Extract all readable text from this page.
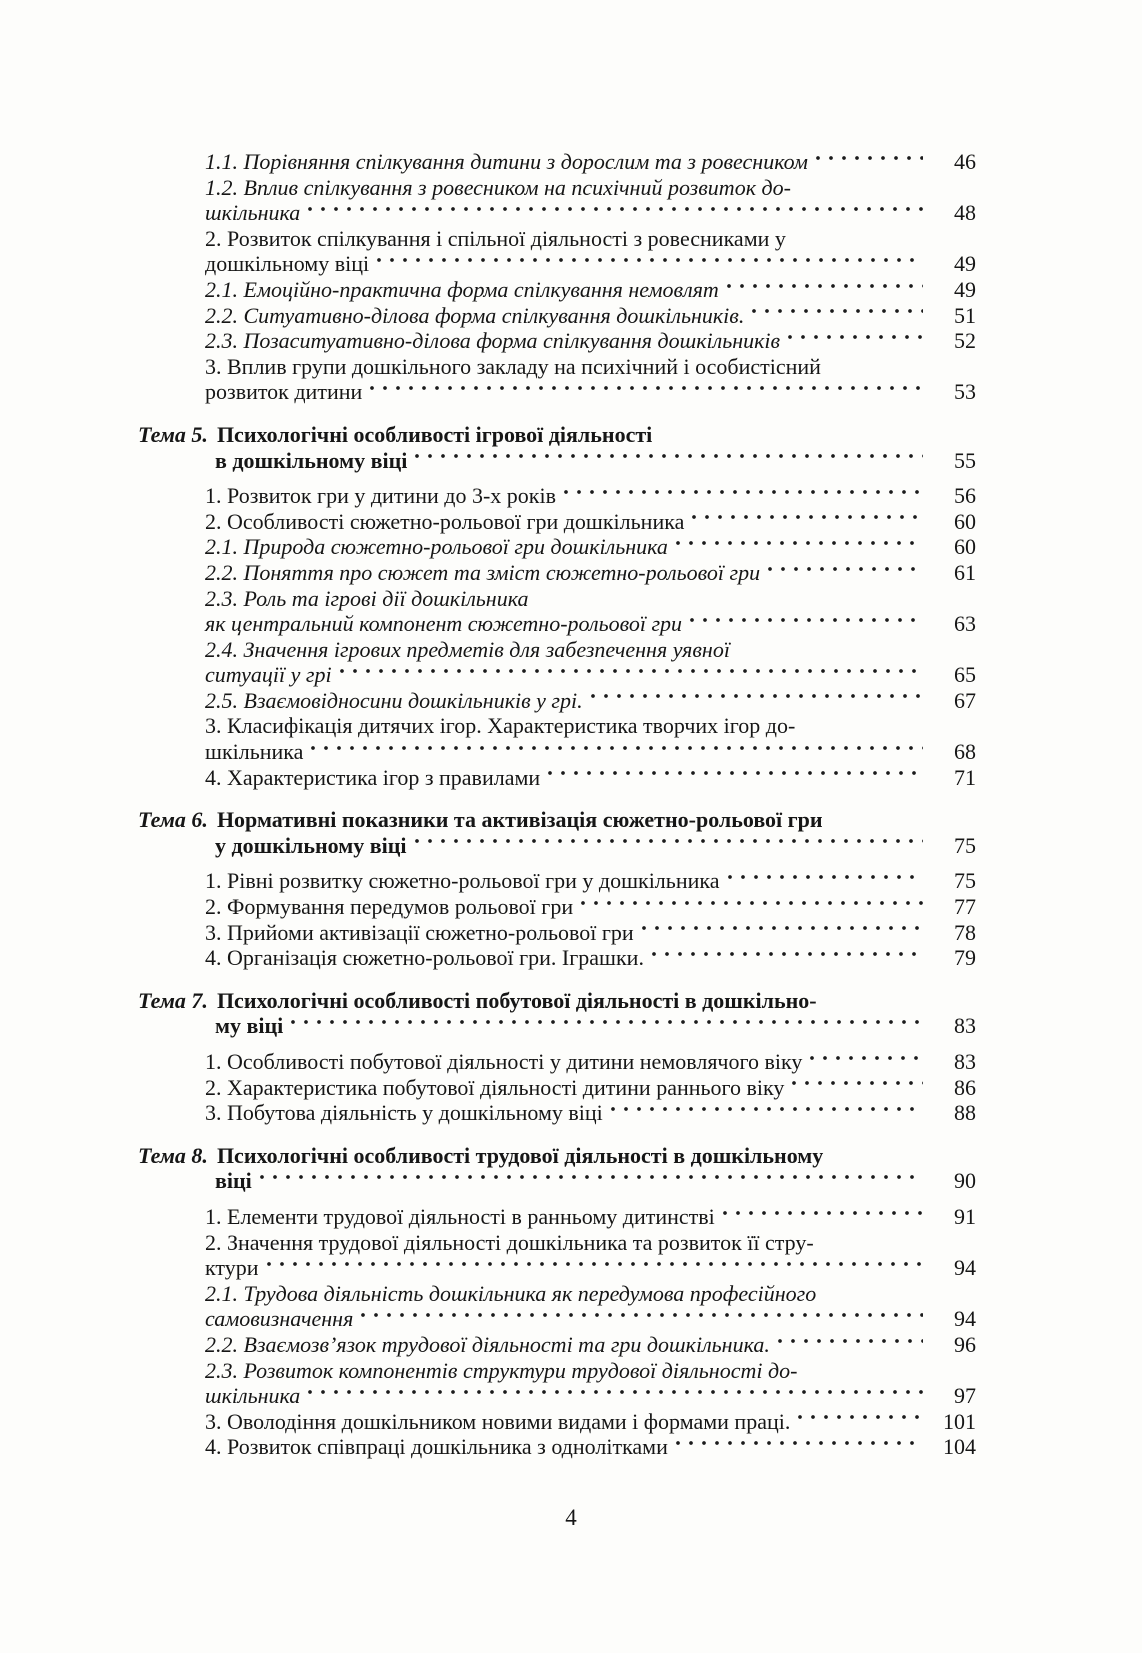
1.1. Порівняння спілкування дитини з дорослим та з ровесником	46
1.2. Вплив спілкування з ровесником на психічний розвиток до-
шкільника	48
2. Розвиток спілкування і спільної діяльності з ровесниками у
дошкільному віці	49
2.1. Емоційно-практична форма спілкування немовлят	49
2.2. Ситуативно-ділова форма спілкування дошкільників.	51
2.3. Позаситуативно-ділова форма спілкування дошкільників	52
3. Вплив групи дошкільного закладу на психічний і особистісний
розвиток дитини	53
Тема 5. Психологічні особливості ігрової діяльності
в дошкільному віці	55
1. Розвиток гри у дитини до 3-х років	56
2. Особливості сюжетно-рольової гри дошкільника	60
2.1. Природа сюжетно-рольової гри дошкільника	60
2.2. Поняття про сюжет та зміст сюжетно-рольової гри	61
2.3. Роль та ігрові дії дошкільника
як центральний компонент сюжетно-рольової гри	63
2.4. Значення ігрових предметів для забезпечення уявної
ситуації у грі	65
2.5. Взаємовідносини дошкільників у грі.	67
3. Класифікація дитячих ігор. Характеристика творчих ігор до-
шкільника	68
4. Характеристика ігор з правилами	71
Тема 6. Нормативні показники та активізація сюжетно-рольової гри
у дошкільному віці	75
1. Рівні розвитку сюжетно-рольової гри у дошкільника	75
2. Формування передумов рольової гри	77
3. Прийоми активізації сюжетно-рольової гри	78
4. Організація сюжетно-рольової гри. Іграшки.	79
Тема 7. Психологічні особливості побутової діяльності в дошкільно-
му віці	83
1. Особливості побутової діяльності у дитини немовлячого віку	83
2. Характеристика побутової діяльності дитини раннього віку	86
3. Побутова діяльність у дошкільному віці	88
Тема 8. Психологічні особливості трудової діяльності в дошкільному
віці	90
1. Елементи трудової діяльності в ранньому дитинстві	91
2. Значення трудової діяльності дошкільника та розвиток її стру-
ктури	94
2.1. Трудова діяльність дошкільника як передумова професійного
самовизначення	94
2.2. Взаємозв’язок трудової діяльності та гри дошкільника.	96
2.3. Розвиток компонентів структури трудової діяльності до-
шкільника	97
3. Оволодіння дошкільником новими видами і формами праці.	101
4. Розвиток співпраці дошкільника з однолітками	104
4
